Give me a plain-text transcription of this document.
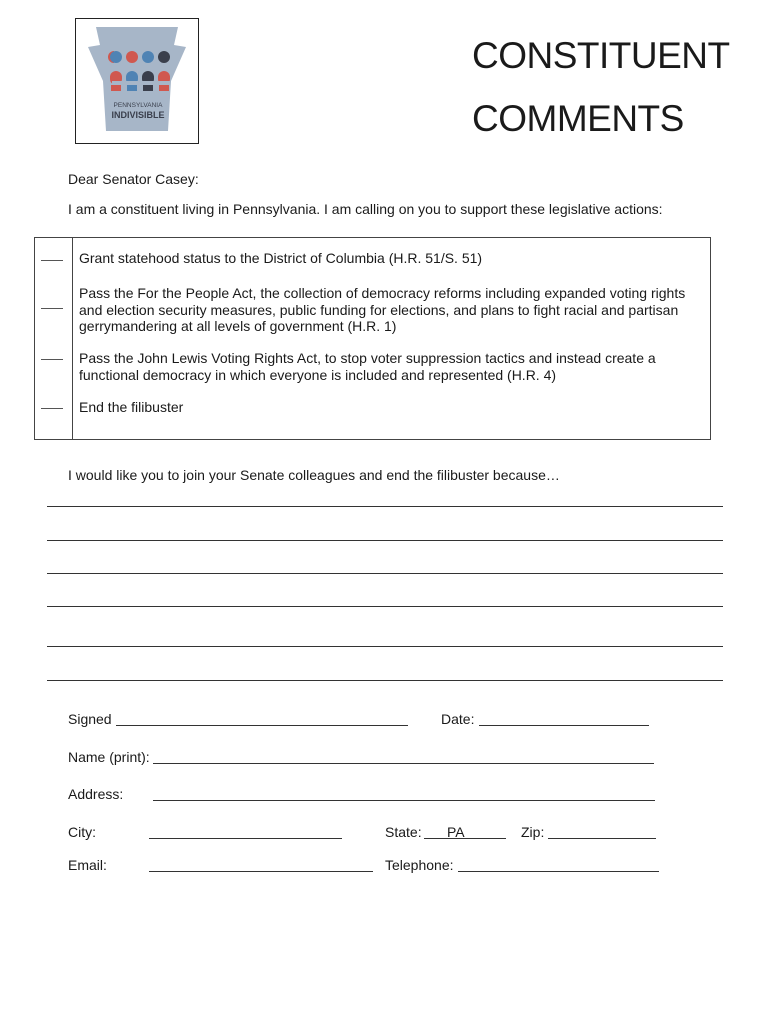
PENNSYLVANIA
INDIVISIBLE
CONSTITUENT
COMMENTS
Dear Senator Casey:
I am a constituent living in Pennsylvania. I am calling on you to support these legislative actions:
Grant statehood status to the District of Columbia (H.R. 51/S. 51)
Pass the For the People Act, the collection of democracy reforms including expanded voting rights
and election security measures, public funding for elections, and plans to fight racial and partisan
gerrymandering at all levels of government (H.R. 1)
Pass the John Lewis Voting Rights Act, to stop voter suppression tactics and instead create a
functional democracy in which everyone is included and represented (H.R. 4)
End the filibuster
I would like you to join your Senate colleagues and end the filibuster because…
Signed	Date:
Name (print):
Address:
City:	State: PA	Zip:
Email:	Telephone:
